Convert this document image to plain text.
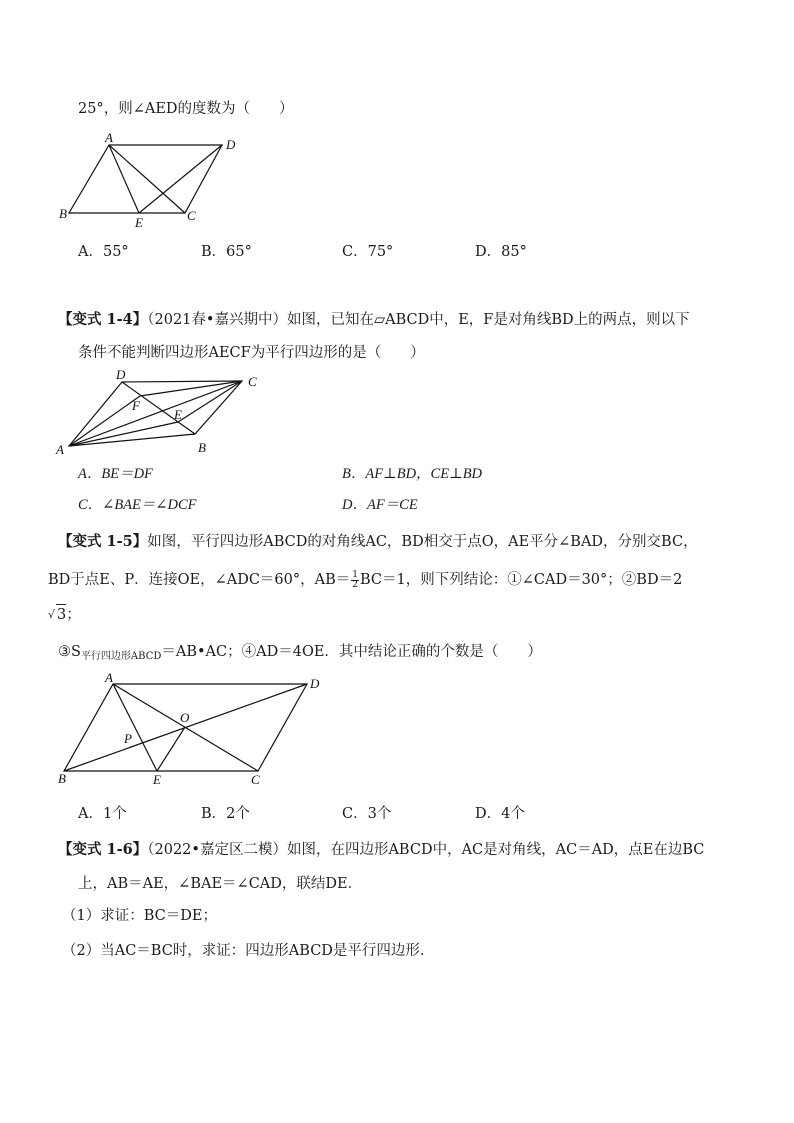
25°，则∠AED的度数为（　　）
A	D
B
E	C
A．55°	B．65°	C．75°	D．85°
【变式 1-4】（2021春•嘉兴期中）如图，已知在▱ABCD中，E，F是对角线BD上的两点，则以下
条件不能判断四边形AECF为平行四边形的是（　　）
D	C
F
E
A	B
A．BE＝DF	B．AF⊥BD，CE⊥BD
C．∠BAE＝∠DCF	D．AF＝CE
【变式 1-5】如图，平行四边形ABCD的对角线AC，BD相交于点O，AE平分∠BAD，分别交BC，
BD于点E、P．连接OE，∠ADC＝60°，$AB= \frac{1}{2} BC=1$，则下列结论：①∠CAD＝30°；②BD＝2
√ 3；
$③S_{平行四边形ABCD}=AB•AC$；④AD＝4OE．其中结论正确的个数是（　　）
A	D
O
P
B	E	C
A．1个	B．2个	C．3个	D．4个
【变式 1-6】（2022•嘉定区二模）如图，在四边形ABCD中，AC是对角线，AC＝AD，点E在边BC
上，AB＝AE，∠BAE＝∠CAD，联结DE．
（1）求证：BC＝DE；
（2）当AC＝BC时，求证：四边形ABCD是平行四边形．
